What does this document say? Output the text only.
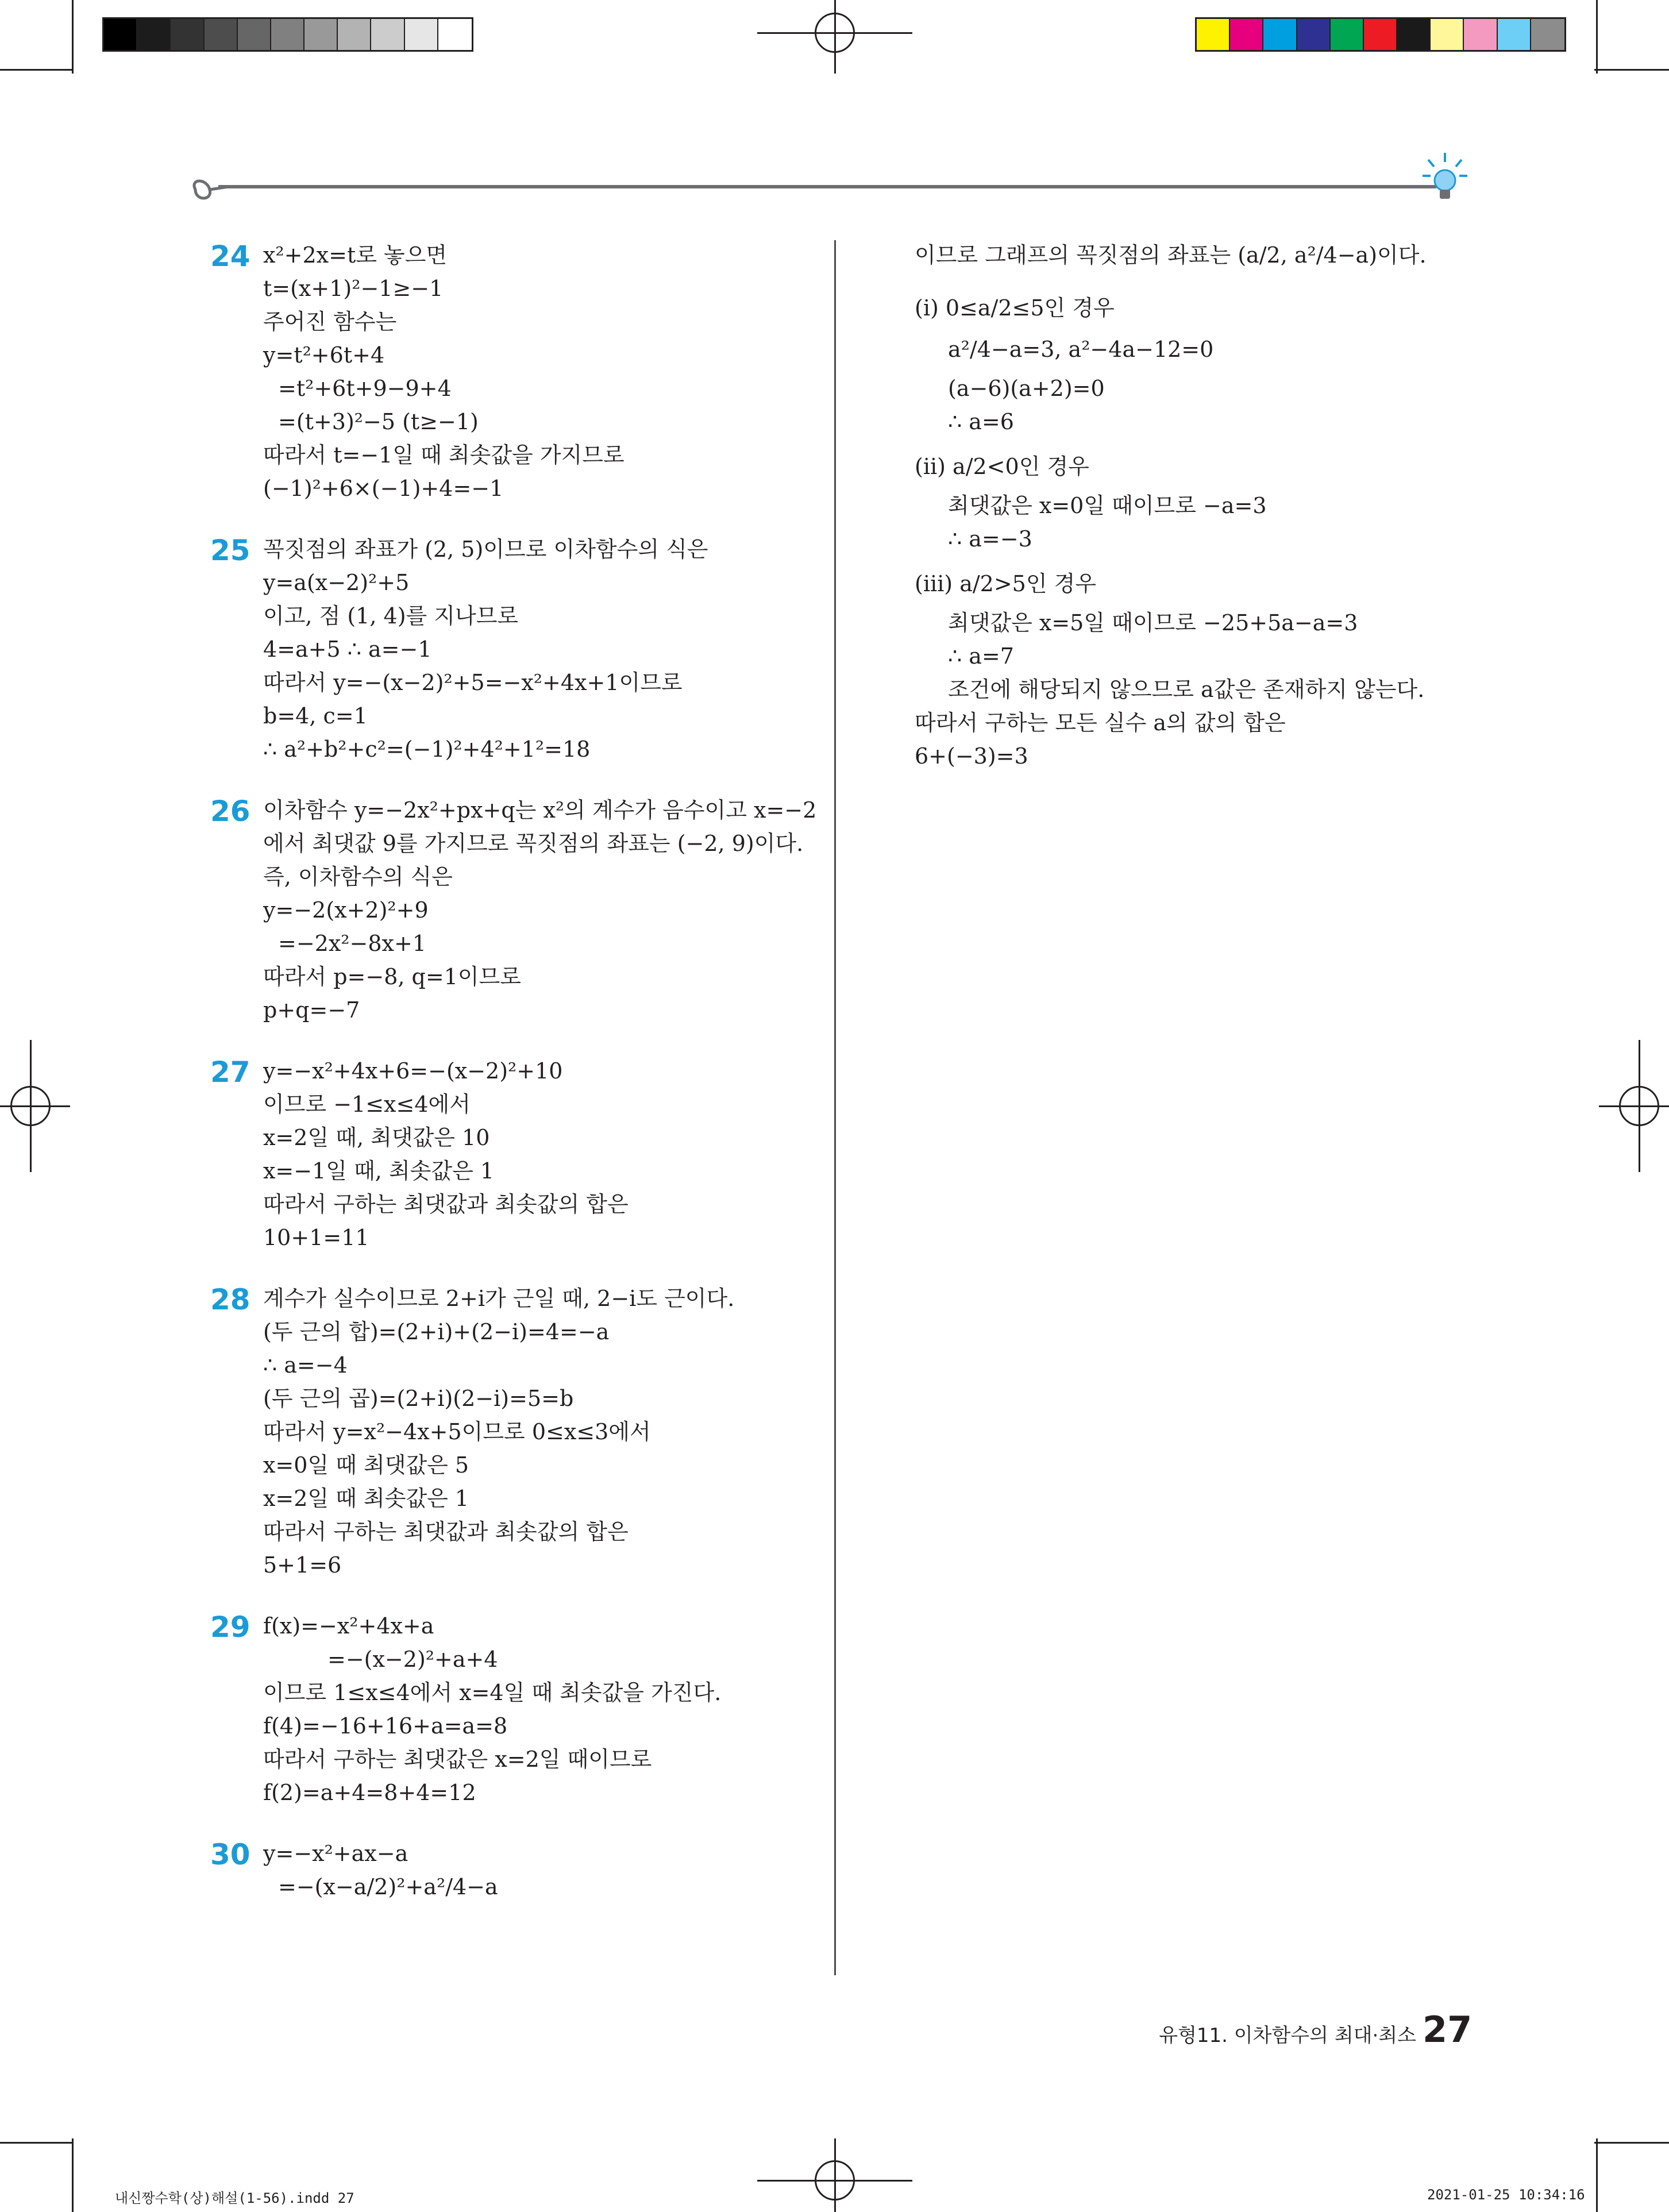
24 x²+2x=t로 놓으면
t=(x+1)²−1≥−1
주어진 함수는
y=t²+6t+4
=t²+6t+9−9+4
=(t+3)²−5 (t≥−1)
따라서 t=−1일 때 최솟값을 가지므로
(−1)²+6×(−1)+4=−1
25 꼭짓점의 좌표가 (2, 5)이므로 이차함수의 식은
y=a(x−2)²+5
이고, 점 (1, 4)를 지나므로
4=a+5 ∴ a=−1
따라서 y=−(x−2)²+5=−x²+4x+1이므로
b=4, c=1
∴ a²+b²+c²=(−1)²+4²+1²=18
26 이차함수 y=−2x²+px+q는 x²의 계수가 음수이고 x=−2
에서 최댓값 9를 가지므로 꼭짓점의 좌표는 (−2, 9)이다.
즉, 이차함수의 식은
y=−2(x+2)²+9
=−2x²−8x+1
따라서 p=−8, q=1이므로
p+q=−7
27 y=−x²+4x+6=−(x−2)²+10
이므로 −1≤x≤4에서
x=2일 때, 최댓값은 10
x=−1일 때, 최솟값은 1
따라서 구하는 최댓값과 최솟값의 합은
10+1=11
28 계수가 실수이므로 2+i가 근일 때, 2−i도 근이다.
(두 근의 합)=(2+i)+(2−i)=4=−a
∴ a=−4
(두 근의 곱)=(2+i)(2−i)=5=b
따라서 y=x²−4x+5이므로 0≤x≤3에서
x=0일 때 최댓값은 5
x=2일 때 최솟값은 1
따라서 구하는 최댓값과 최솟값의 합은
5+1=6
29 f(x)=−x²+4x+a
=−(x−2)²+a+4
이므로 1≤x≤4에서 x=4일 때 최솟값을 가진다.
f(4)=−16+16+a=a=8
따라서 구하는 최댓값은 x=2일 때이므로
f(2)=a+4=8+4=12
30 y=−x²+ax−a
=−(x−a/2)²+a²/4−a
이므로 그래프의 꼭짓점의 좌표는 (a/2, a²/4−a)이다.
(ⅰ) 0≤a/2≤5인 경우
a²/4−a=3, a²−4a−12=0
(a−6)(a+2)=0
∴ a=6
(ⅱ) a/2<0인 경우
최댓값은 x=0일 때이므로 −a=3
∴ a=−3
(ⅲ) a/2>5인 경우
최댓값은 x=5일 때이므로 −25+5a−a=3
∴ a=7
조건에 해당되지 않으므로 a값은 존재하지 않는다.
따라서 구하는 모든 실수 a의 값의 합은
6+(−3)=3
유형11. 이차함수의 최대·최소 27
내신짱수학(상)해설(1-56).indd 27	2021-01-25 10:34:16
